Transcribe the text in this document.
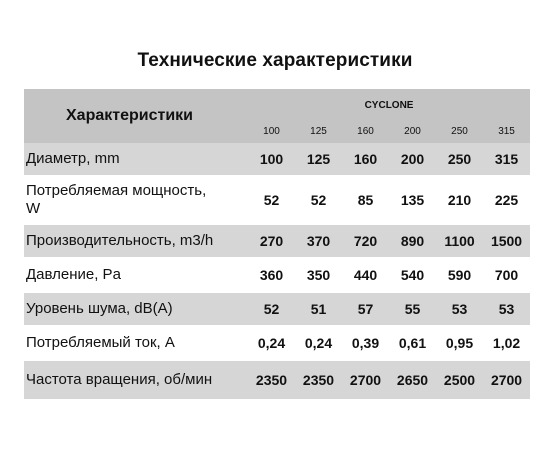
Технические характеристики
Характеристики	CYCLONE					
	100	125	160	200	250	315
Диаметр, mm	100	125	160	200	250	315
Потребляемая мощность,
W	52	52	85	135	210	225
Производительность, m3/h	270	370	720	890	1100	1500
Давление, Pa	360	350	440	540	590	700
Уровень шума, dB(A)	52	51	57	55	53	53
Потребляемый ток, A	0,24	0,24	0,39	0,61	0,95	1,02
Частота вращения, об/мин	2350	2350	2700	2650	2500	2700
